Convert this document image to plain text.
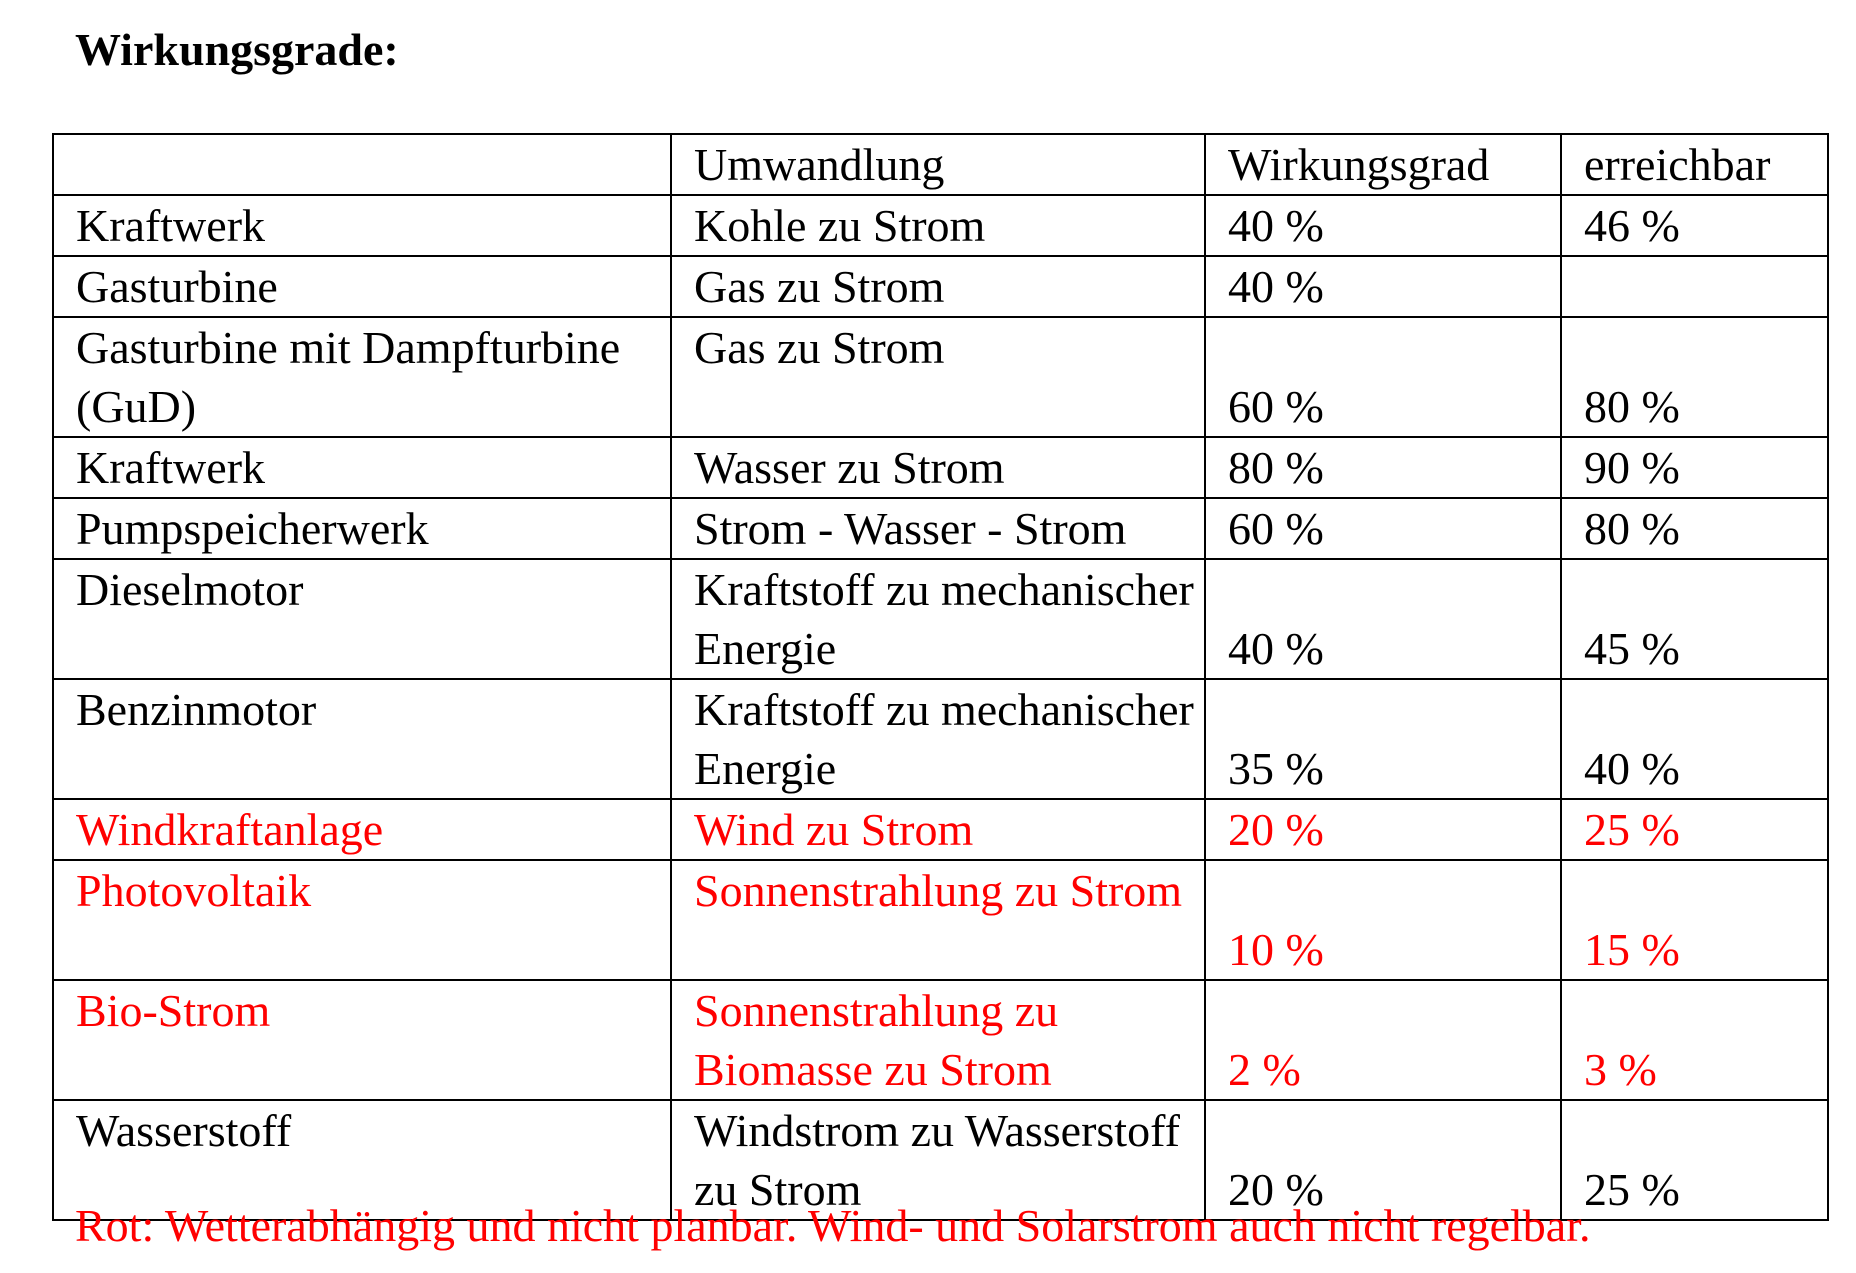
Wirkungsgrade:
	Umwandlung	Wirkungsgrad	erreichbar
Kraftwerk	Kohle zu Strom	40 %	46 %
Gasturbine	Gas zu Strom	40 %	
Gasturbine mit Dampfturbine (GuD)	Gas zu Strom	60 %	80 %
Kraftwerk	Wasser zu Strom	80 %	90 %
Pumpspeicherwerk	Strom - Wasser - Strom	60 %	80 %
Dieselmotor	Kraftstoff zu mechanischer Energie	40 %	45 %
Benzinmotor	Kraftstoff zu mechanischer Energie	35 %	40 %
Windkraftanlage	Wind zu Strom	20 %	25 %
Photovoltaik	Sonnenstrahlung zu Strom	10 %	15 %
Bio-Strom	Sonnenstrahlung zu Biomasse zu Strom	2 %	3 %
Wasserstoff	Windstrom zu Wasserstoff zu Strom	20 %	25 %

Rot: Wetterabhängig und nicht planbar. Wind- und Solarstrom auch nicht regelbar.
